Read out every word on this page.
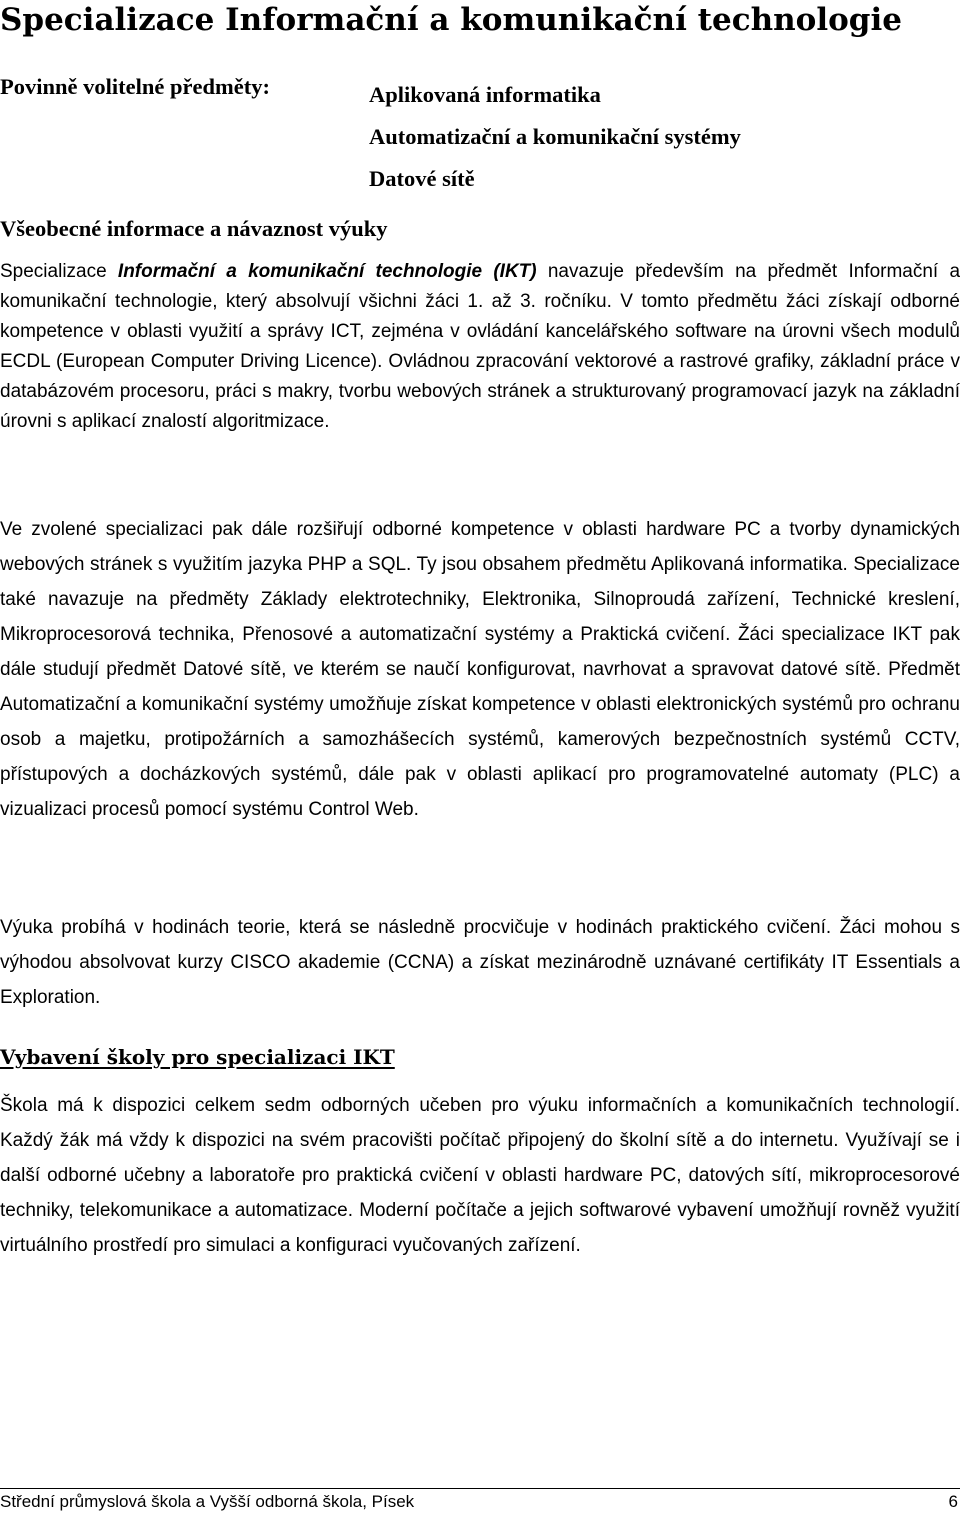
Specializace Informační a komunikační technologie
Povinně volitelné předměty:	Aplikovaná informatika
Automatizační a komunikační systémy
Datové sítě
Všeobecné informace a návaznost výuky

Specializace Informační a komunikační technologie (IKT) navazuje především na předmět Informační a komunikační technologie, který absolvují všichni žáci 1. až 3. ročníku. V tomto předmětu žáci získají odborné kompetence v oblasti využití a správy ICT, zejména v ovládání kancelářského software na úrovni všech modulů ECDL (European Computer Driving Licence). Ovládnou zpracování vektorové a rastrové grafiky, základní práce v databázovém procesoru, práci s makry, tvorbu webových stránek a strukturovaný programovací jazyk na základní úrovni s aplikací znalostí algoritmizace.

Ve zvolené specializaci pak dále rozšiřují odborné kompetence v oblasti hardware PC a tvorby dynamických webových stránek s využitím jazyka PHP a SQL. Ty jsou obsahem předmětu Aplikovaná informatika. Specializace také navazuje na předměty Základy elektrotechniky, Elektronika, Silnoproudá zařízení, Technické kreslení, Mikroprocesorová technika, Přenosové a automatizační systémy a Praktická cvičení. Žáci specializace IKT pak dále studují předmět Datové sítě, ve kterém se naučí konfigurovat, navrhovat a spravovat datové sítě. Předmět Automatizační a komunikační systémy umožňuje získat kompetence v oblasti elektronických systémů pro ochranu osob a majetku, protipožárních a samozhášecích systémů, kamerových bezpečnostních systémů CCTV, přístupových a docházkových systémů, dále pak v oblasti aplikací pro programovatelné automaty (PLC) a vizualizaci procesů pomocí systému Control Web.

Výuka probíhá v hodinách teorie, která se následně procvičuje v hodinách praktického cvičení. Žáci mohou s výhodou absolvovat kurzy CISCO akademie (CCNA) a získat mezinárodně uznávané certifikáty IT Essentials a Exploration.

Vybavení školy pro specializaci IKT

Škola má k dispozici celkem sedm odborných učeben pro výuku informačních a komunikačních technologií. Každý žák má vždy k dispozici na svém pracovišti počítač připojený do školní sítě a do internetu. Využívají se i další odborné učebny a laboratoře pro praktická cvičení v oblasti hardware PC, datových sítí, mikroprocesorové techniky, telekomunikace a automatizace. Moderní počítače a jejich softwarové vybavení umožňují rovněž využití virtuálního prostředí pro simulaci a konfiguraci vyučovaných zařízení.

Střední průmyslová škola a Vyšší odborná škola, Písek	6
